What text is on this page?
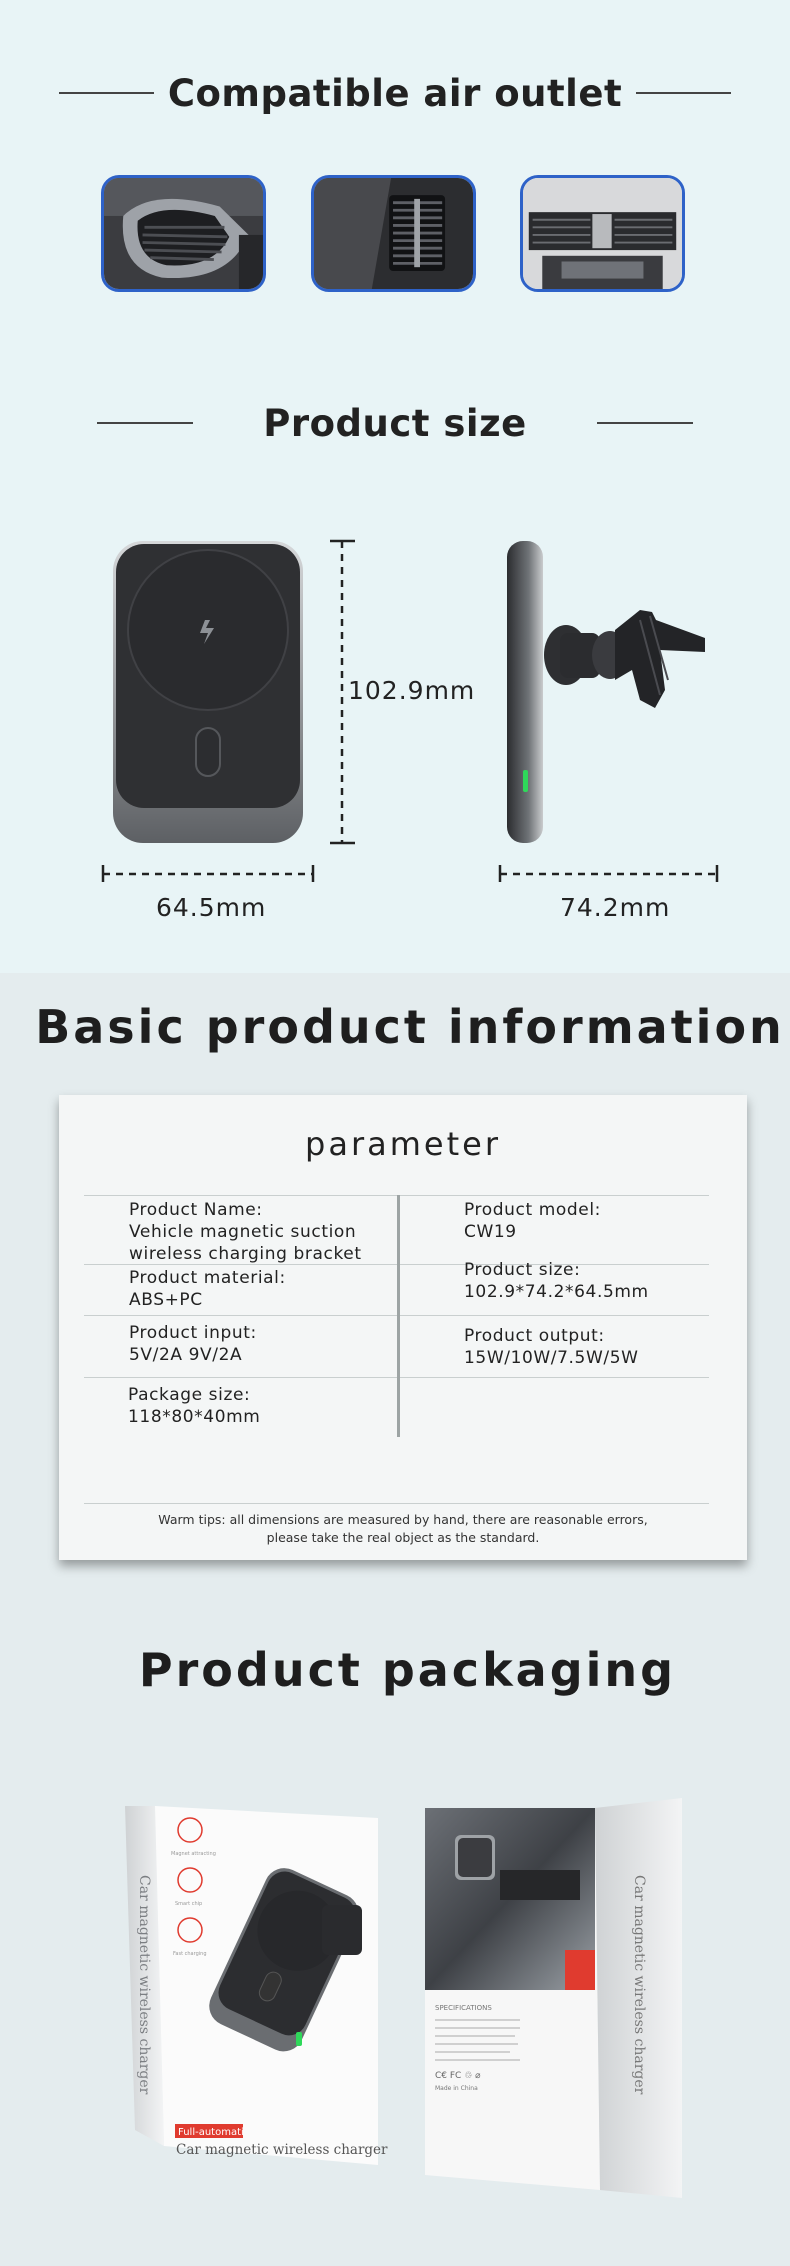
Compatible air outlet
Product size
102.9mm
64.5mm	74.2mm
Basic product information
parameter
Product Name:
Vehicle magnetic suction
wireless charging bracket
Product material:
ABS+PC
Product input:
5V/2A 9V/2A
Package size:
118*80*40mm
Product model:
CW19
Product size:
102.9*74.2*64.5mm
Product output:
15W/10W/7.5W/5W
Warm tips: all dimensions are measured by hand, there are reasonable errors,
please take the real object as the standard.
Product packaging
Car magnetic wireless charger
Magnet attracting
Smart chip
Fast charging
Full-automati
Car magnetic wireless charger
SPECIFICATIONS
C€ FC ♲ ⌀
Made in China	Car magnetic wireless charger
